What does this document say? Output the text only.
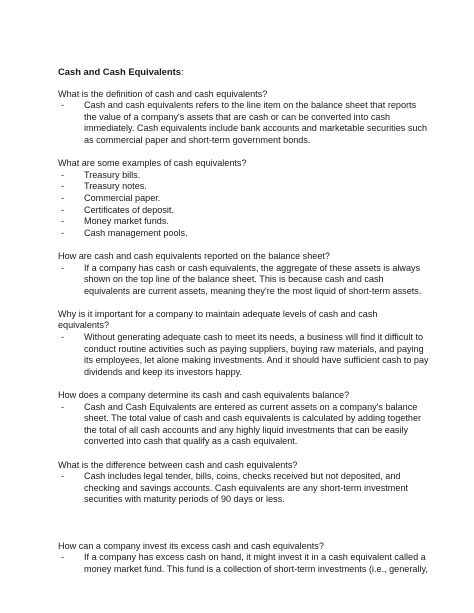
Cash and Cash Equivalents:

What is the definition of cash and cash equivalents?

- Cash and cash equivalents refers to the line item on the balance sheet that reports the value of a company's assets that are cash or can be converted into cash immediately. Cash equivalents include bank accounts and marketable securities such as commercial paper and short-term government bonds.

What are some examples of cash equivalents?

- Treasury bills.
- Treasury notes.
- Commercial paper.
- Certificates of deposit.
- Money market funds.
- Cash management pools.

How are cash and cash equivalents reported on the balance sheet?

- If a company has cash or cash equivalents, the aggregate of these assets is always shown on the top line of the balance sheet. This is because cash and cash equivalents are current assets, meaning they're the most liquid of short-term assets.

Why is it important for a company to maintain adequate levels of cash and cash equivalents?

- Without generating adequate cash to meet its needs, a business will find it difficult to conduct routine activities such as paying suppliers, buying raw materials, and paying its employees, let alone making investments. And it should have sufficient cash to pay dividends and keep its investors happy.

How does a company determine its cash and cash equivalents balance?

- Cash and Cash Equivalents are entered as current assets on a company's balance sheet. The total value of cash and cash equivalents is calculated by adding together the total of all cash accounts and any highly liquid investments that can be easily converted into cash that qualify as a cash equivalent.

What is the difference between cash and cash equivalents?

- Cash includes legal tender, bills, coins, checks received but not deposited, and checking and savings accounts. Cash equivalents are any short-term investment securities with maturity periods of 90 days or less.

How can a company invest its excess cash and cash equivalents?

- If a company has excess cash on hand, it might invest it in a cash equivalent called a money market fund. This fund is a collection of short-term investments (i.e., generally,
